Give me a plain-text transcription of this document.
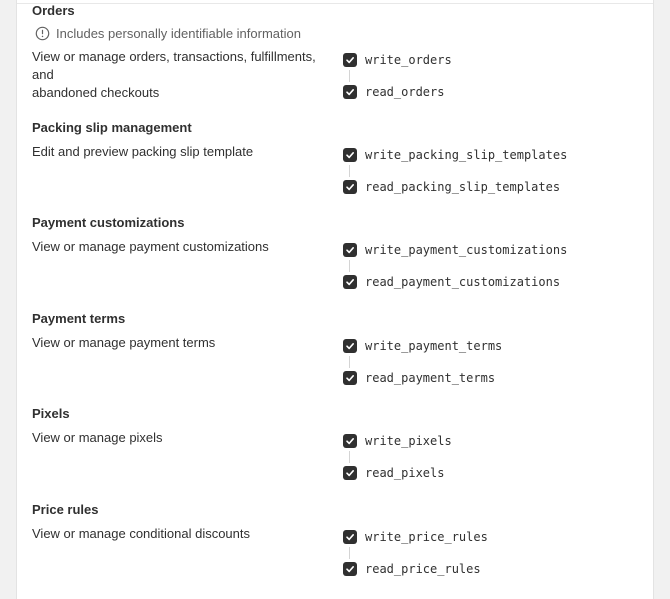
Orders
Includes personally identifiable information
View or manage orders, transactions, fulfillments, and
abandoned checkouts
write_orders
read_orders
Packing slip management
Edit and preview packing slip template	write_packing_slip_templates
read_packing_slip_templates
Payment customizations
View or manage payment customizations	write_payment_customizations
read_payment_customizations
Payment terms
View or manage payment terms	write_payment_terms
read_payment_terms
Pixels
View or manage pixels	write_pixels
read_pixels
Price rules
View or manage conditional discounts	write_price_rules
read_price_rules
